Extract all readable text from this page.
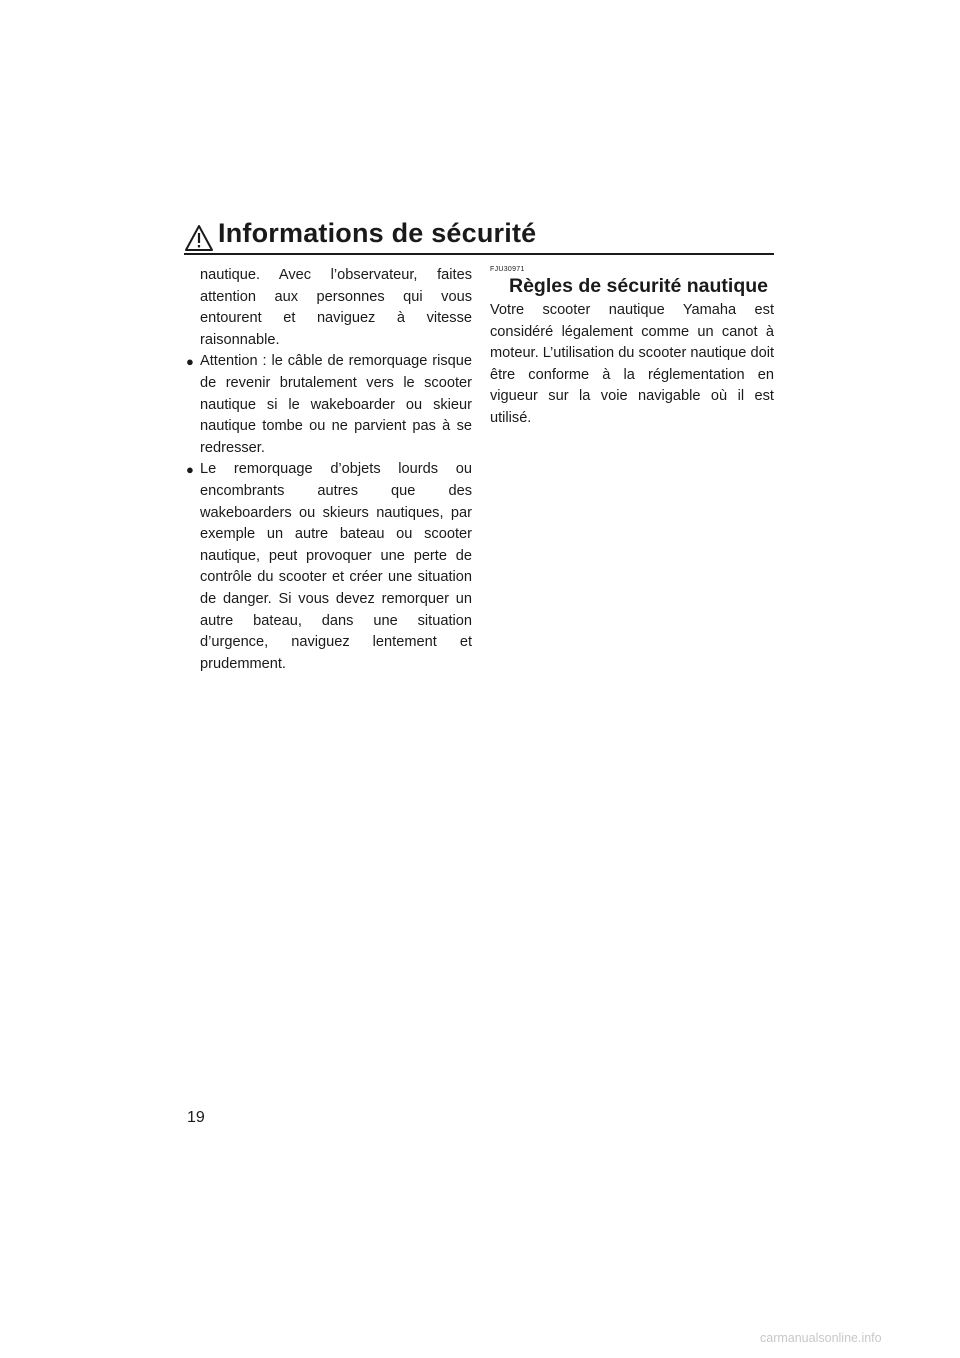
Informations de sécurité

nautique. Avec l’observateur, faites attention aux personnes qui vous entourent et naviguez à vitesse raisonnable.

● Attention : le câble de remorquage risque de revenir brutalement vers le scooter nautique si le wakeboarder ou skieur nautique tombe ou ne parvient pas à se redresser.
● Le remorquage d’objets lourds ou encombrants autres que des wakeboarders ou skieurs nautiques, par exemple un autre bateau ou scooter nautique, peut provoquer une perte de contrôle du scooter et créer une situation de danger. Si vous devez remorquer un autre bateau, dans une situation d’urgence, naviguez lentement et prudemment.
FJU30971
Règles de sécurité nautique

Votre scooter nautique Yamaha est considéré légalement comme un canot à moteur. L’utilisation du scooter nautique doit être conforme à la réglementation en vigueur sur la voie navigable où il est utilisé.

19
carmanualsonline.info
